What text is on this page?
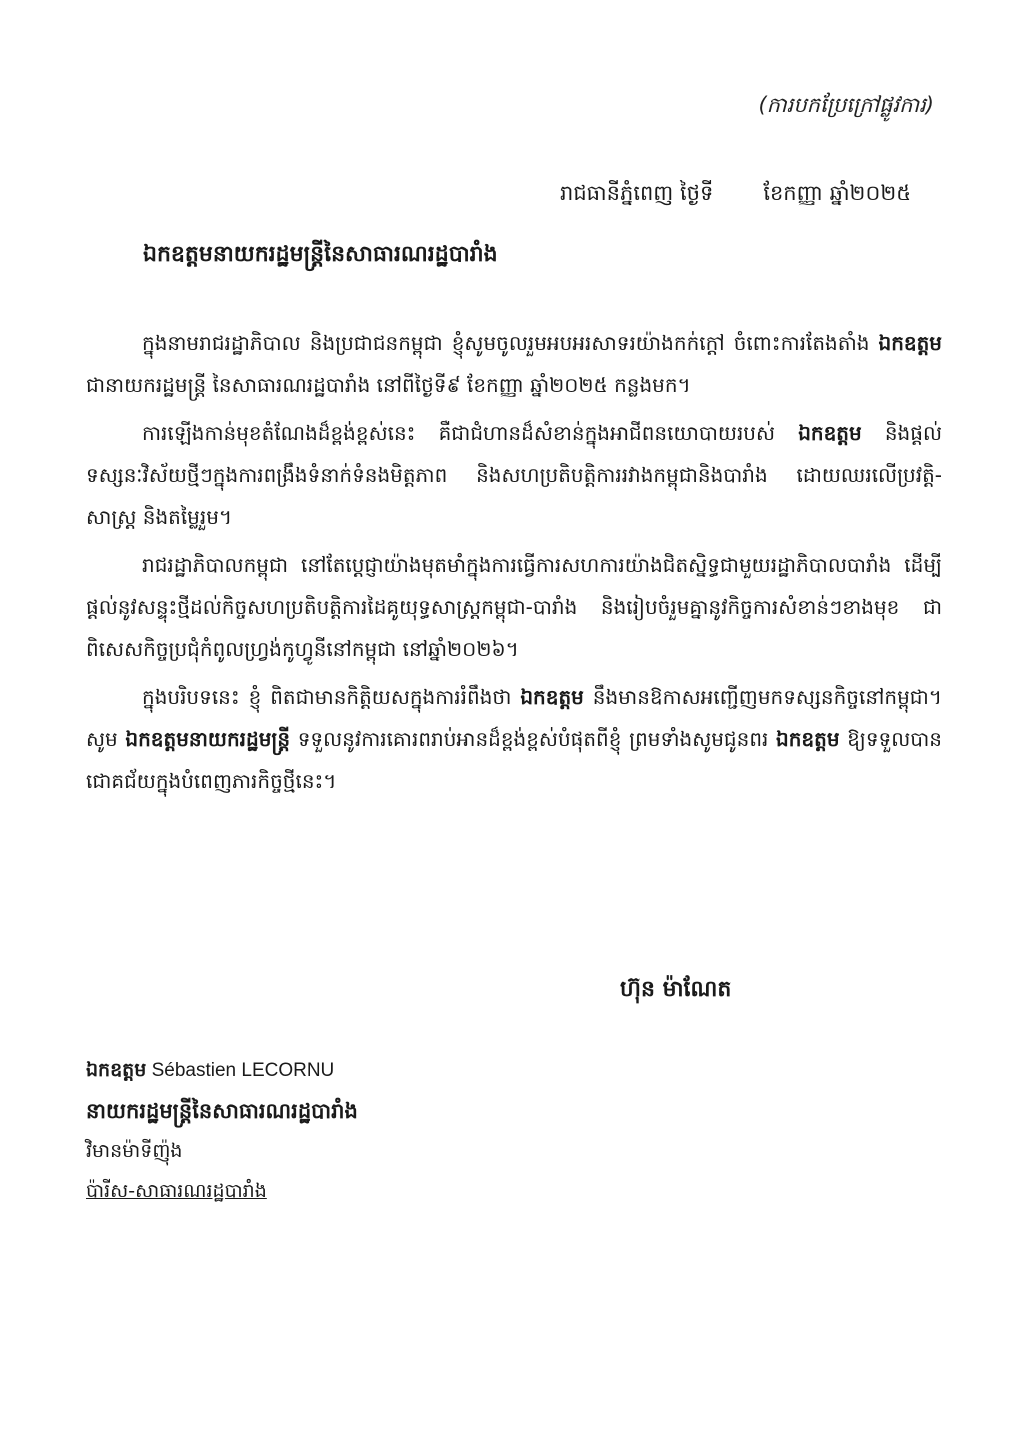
(ការបកប្រែក្រៅផ្លូវការ)
រាជធានីភ្នំពេញ ថ្ងៃទី ខែកញ្ញា ឆ្នាំ២០២៥
ឯកឧត្តមនាយករដ្ឋមន្ត្រីនៃសាធារណរដ្ឋបារាំង

ក្នុងនាមរាជរដ្ឋាភិបាល និងប្រជាជនកម្ពុជា ខ្ញុំសូមចូលរួមអបអរសាទរយ៉ាងកក់ក្ដៅ ចំពោះការតែងតាំង ឯកឧត្តម ជានាយករដ្ឋមន្ត្រី នៃសាធារណរដ្ឋបារាំង នៅពីថ្ងៃទី៩ ខែកញ្ញា ឆ្នាំ២០២៥ កន្លងមក។

ការឡើងកាន់មុខតំណែងដ៏ខ្ពង់ខ្ពស់នេះ គឺជាជំហានដ៏សំខាន់ក្នុងអាជីពនយោបាយរបស់ ឯកឧត្តម និងផ្ដល់ទស្សនៈវិស័យថ្មីៗក្នុងការពង្រឹងទំនាក់ទំនងមិត្តភាព និងសហប្រតិបត្តិការរវាងកម្ពុជានិងបារាំង ដោយឈរលើប្រវត្តិ-សាស្ត្រ និងតម្លៃរួម។

រាជរដ្ឋាភិបាលកម្ពុជា នៅតែប្ដេជ្ញាយ៉ាងមុតមាំក្នុងការធ្វើការសហការយ៉ាងជិតស្និទ្ធជាមួយរដ្ឋាភិបាលបារាំង ដើម្បីផ្ដល់នូវសន្ទុះថ្មីដល់កិច្ចសហប្រតិបត្តិការដៃគូយុទ្ធសាស្ត្រកម្ពុជា-បារាំង និងរៀបចំរួមគ្នានូវកិច្ចការសំខាន់ៗខាងមុខ ជាពិសេសកិច្ចប្រជុំកំពូលហ្វ្រង់កូហ្វូនីនៅកម្ពុជា នៅឆ្នាំ២០២៦។

ក្នុងបរិបទនេះ ខ្ញុំ ពិតជាមានកិត្តិយសក្នុងការរំពឹងថា ឯកឧត្តម នឹងមានឱកាសអញ្ជើញមកទស្សនកិច្ចនៅកម្ពុជា។ សូម ឯកឧត្តមនាយករដ្ឋមន្ត្រី ទទួលនូវការគោរពរាប់អានដ៏ខ្ពង់ខ្ពស់បំផុតពីខ្ញុំ ព្រមទាំងសូមជូនពរ ឯកឧត្តម ឱ្យទទួលបានជោគជ័យក្នុងបំពេញភារកិច្ចថ្មីនេះ។

ហ៊ុន ម៉ាណែត
ឯកឧត្តម Sébastien LECORNU
នាយករដ្ឋមន្ត្រីនៃសាធារណរដ្ឋបារាំង
វិមានម៉ាទីញ៉ុង
ប៉ារីស-សាធារណរដ្ឋបារាំង
